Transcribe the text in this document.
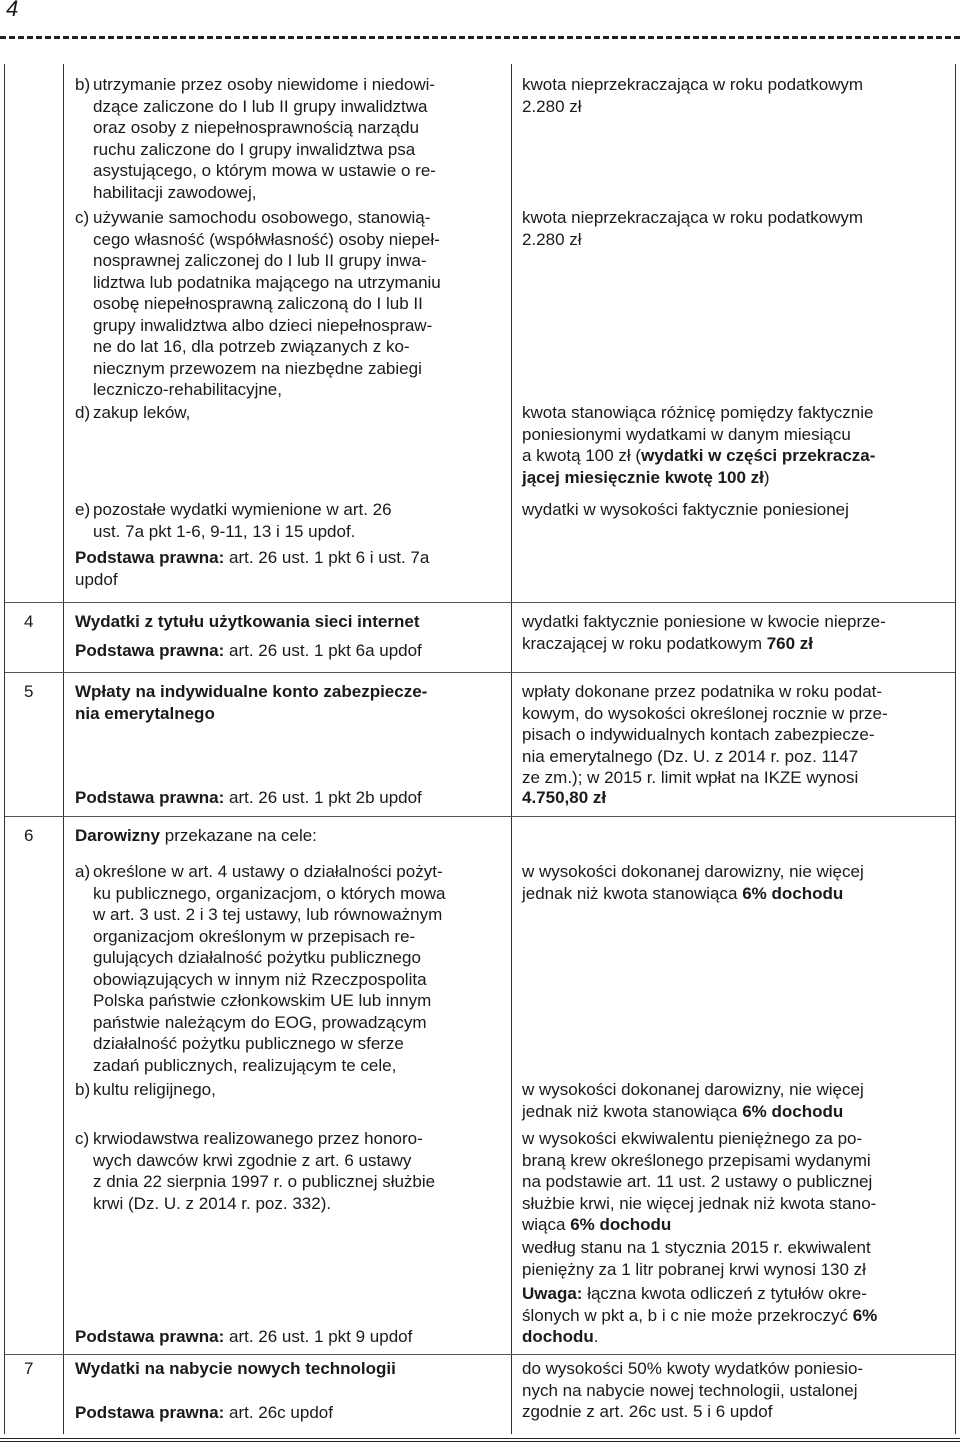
4
b) utrzymanie przez osoby niewidome i niedowi-
dzące zaliczone do I lub II grupy inwalidztwa
oraz osoby z niepełnosprawnością narządu
ruchu zaliczone do I grupy inwalidztwa psa
asystującego, o którym mowa w ustawie o re-
habilitacji zawodowej,
kwota nieprzekraczająca w roku podatkowym
2.280 zł
c) używanie samochodu osobowego, stanowią-
cego własność (współwłasność) osoby niepeł-
nosprawnej zaliczonej do I lub II grupy inwa-
lidztwa lub podatnika mającego na utrzymaniu
osobę niepełnosprawną zaliczoną do I lub II
grupy inwalidztwa albo dzieci niepełnospraw-
ne do lat 16, dla potrzeb związanych z ko-
niecznym przewozem na niezbędne zabiegi
leczniczo-rehabilitacyjne,
kwota nieprzekraczająca w roku podatkowym
2.280 zł
d) zakup leków,	kwota stanowiąca różnicę pomiędzy faktycznie
poniesionymi wydatkami w danym miesiącu
a kwotą 100 zł (wydatki w części przekracza-
jącej miesięcznie kwotę 100 zł)
e) pozostałe wydatki wymienione w art. 26
ust. 7a pkt 1-6, 9-11, 13 i 15 updof.
wydatki w wysokości faktycznie poniesionej
Podstawa prawna: art. 26 ust. 1 pkt 6 i ust. 7a
updof
4 Wydatki z tytułu użytkowania sieci internet
Podstawa prawna: art. 26 ust. 1 pkt 6a updof
wydatki faktycznie poniesione w kwocie nieprze-
kraczającej w roku podatkowym 760 zł
5 Wpłaty na indywidualne konto zabezpiecze-
nia emerytalnego
Podstawa prawna: art. 26 ust. 1 pkt 2b updof
wpłaty dokonane przez podatnika w roku podat-
kowym, do wysokości określonej rocznie w prze-
pisach o indywidualnych kontach zabezpiecze-
nia emerytalnego (Dz. U. z 2014 r. poz. 1147
ze zm.); w 2015 r. limit wpłat na IKZE wynosi
4.750,80 zł
6 Darowizny przekazane na cele:
a) określone w art. 4 ustawy o działalności pożyt-
ku publicznego, organizacjom, o których mowa
w art. 3 ust. 2 i 3 tej ustawy, lub równoważnym
organizacjom określonym w przepisach re-
gulujących działalność pożytku publicznego
obowiązujących w innym niż Rzeczpospolita
Polska państwie członkowskim UE lub innym
państwie należącym do EOG, prowadzącym
działalność pożytku publicznego w sferze
zadań publicznych, realizującym te cele,
w wysokości dokonanej darowizny, nie więcej
jednak niż kwota stanowiąca 6% dochodu
b) kultu religijnego,	w wysokości dokonanej darowizny, nie więcej
jednak niż kwota stanowiąca 6% dochodu
c) krwiodawstwa realizowanego przez honoro-
wych dawców krwi zgodnie z art. 6 ustawy
z dnia 22 sierpnia 1997 r. o publicznej służbie
krwi (Dz. U. z 2014 r. poz. 332).
w wysokości ekwiwalentu pieniężnego za po-
braną krew określonego przepisami wydanymi
na podstawie art. 11 ust. 2 ustawy o publicznej
służbie krwi, nie więcej jednak niż kwota stano-
wiąca 6% dochodu
według stanu na 1 stycznia 2015 r. ekwiwalent
pieniężny za 1 litr pobranej krwi wynosi 130 zł
Uwaga: łączna kwota odliczeń z tytułów okre-
ślonych w pkt a, b i c nie może przekroczyć 6%
dochodu.
Podstawa prawna: art. 26 ust. 1 pkt 9 updof
7 Wydatki na nabycie nowych technologii
Podstawa prawna: art. 26c updof
do wysokości 50% kwoty wydatków poniesio-
nych na nabycie nowej technologii, ustalonej
zgodnie z art. 26c ust. 5 i 6 updof
